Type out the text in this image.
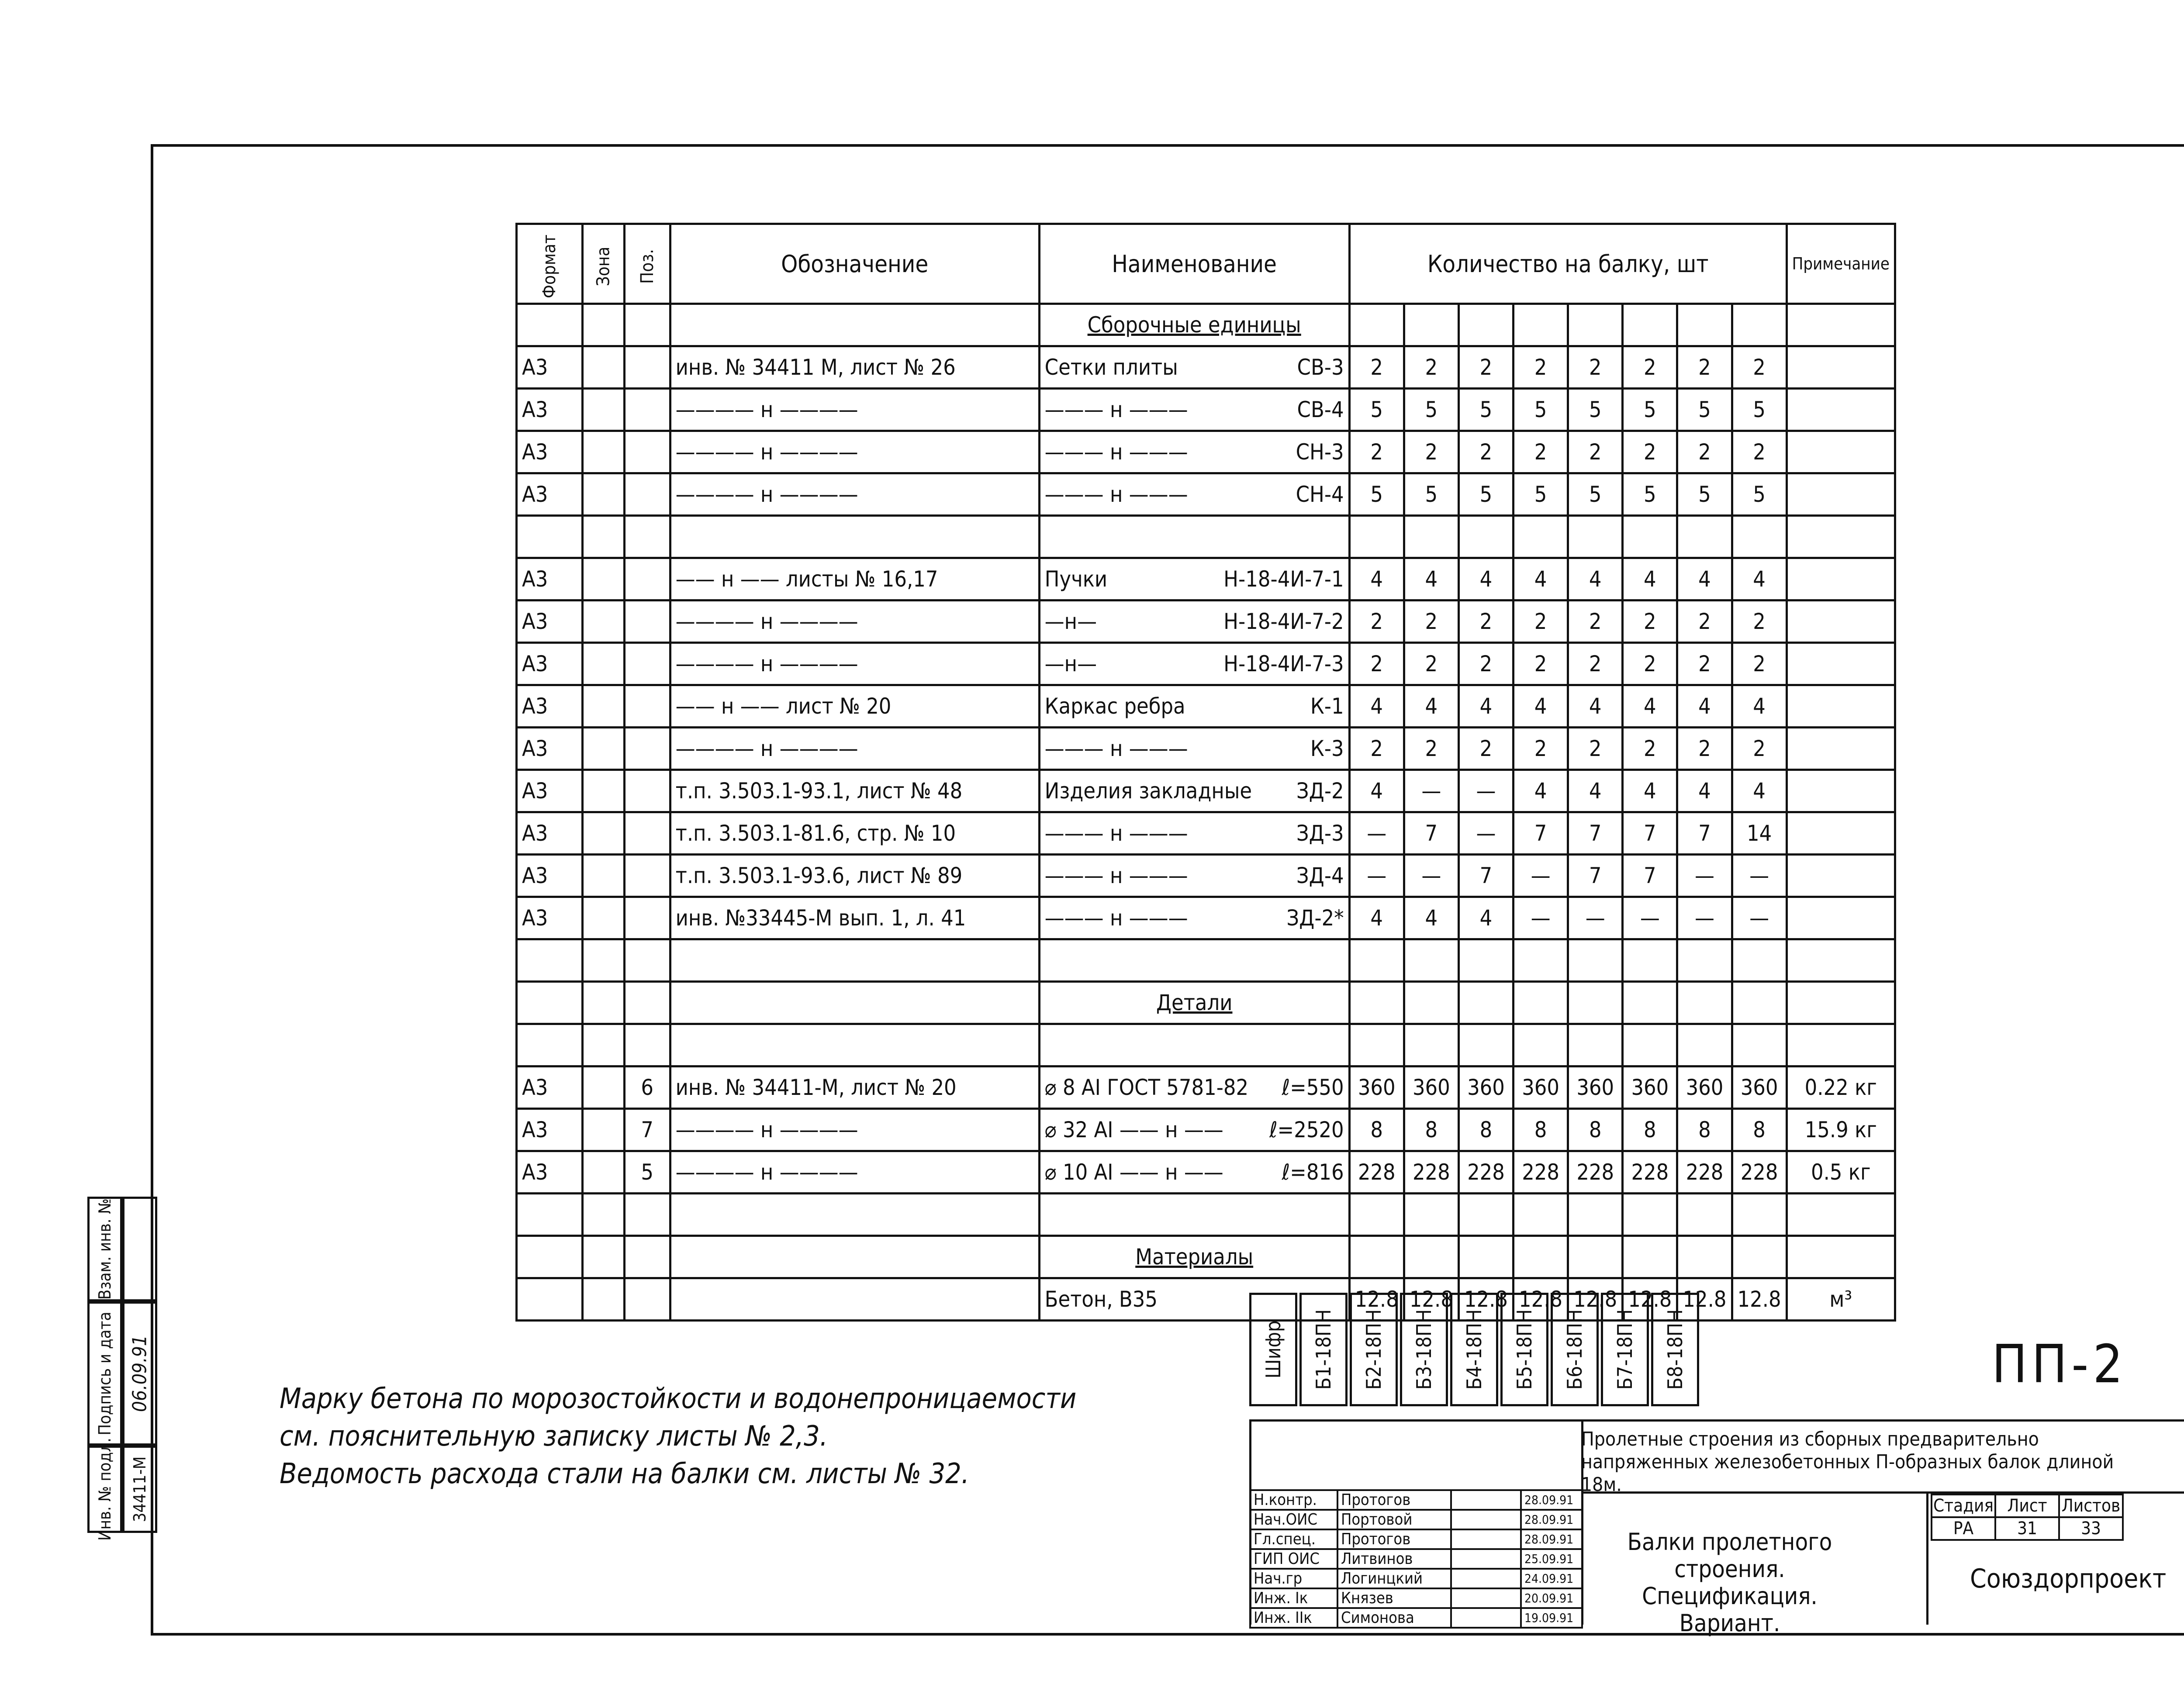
Формат	Зона	Поз.	Обозначение	Наименование	Количество на балку, шт								Примечание
				Сборочные единицы									
А3			инв. № 34411 М, лист № 26	Сетки плиты СВ-3	2	2	2	2	2	2	2	2	
А3			———— н ————	——— н ——— СВ-4	5	5	5	5	5	5	5	5	
А3			———— н ————	——— н ——— СН-3	2	2	2	2	2	2	2	2	
А3			———— н ————	——— н ——— СН-4	5	5	5	5	5	5	5	5	

А3			—— н —— листы № 16,17	Пучки Н-18-4И-7-1	4	4	4	4	4	4	4	4	
А3			———— н ————	—н— Н-18-4И-7-2	2	2	2	2	2	2	2	2	
А3			———— н ————	—н— Н-18-4И-7-3	2	2	2	2	2	2	2	2	
А3			—— н —— лист № 20	Каркас ребра К-1	4	4	4	4	4	4	4	4	
А3			———— н ————	——— н ——— К-3	2	2	2	2	2	2	2	2	
А3			т.п. 3.503.1-93.1, лист № 48	Изделия закладные ЗД-2	4	—	—	4	4	4	4	4	
А3			т.п. 3.503.1-81.6, стр. № 10	——— н ——— ЗД-3	—	7	—	7	7	7	7	14	
А3			т.п. 3.503.1-93.6, лист № 89	——— н ——— ЗД-4	—	—	7	—	7	7	—	—	
А3			инв. №33445-М вып. 1, л. 41	——— н ——— ЗД-2*	4	4	4	—	—	—	—	—	

				Детали									

А3		6	инв. № 34411-М, лист № 20	⌀ 8 АI ГОСТ 5781-82 ℓ=550	360	360	360	360	360	360	360	360	0.22 кг
А3		7	———— н ————	⌀ 32 АI —— н —— ℓ=2520	8	8	8	8	8	8	8	8	15.9 кг
А3		5	———— н ————	⌀ 10 АI —— н —— ℓ=816	228	228	228	228	228	228	228	228	0.5 кг

				Материалы									
				Бетон, В35	12.8	12.8	12.8	12.8	12.8	12.8	12.8	12.8	м³
Шифр Б1-18ПН Б2-18ПН Б3-18ПН Б4-18ПН Б5-18ПН Б6-18ПН Б7-18ПН Б8-18ПН	ПП-2
Марку бетона по морозостойкости и водонепроницаемости
см. пояснительную записку листы № 2,3.
Ведомость расхода стали на балки см. листы № 32.
Н.контр.	Протогов		28.09.91
Нач.ОИС	Портовой		28.09.91
Гл.спец.	Протогов		28.09.91
ГИП ОИС	Литвинов		25.09.91
Нач.гр	Логинцкий		24.09.91
Инж. Iк	Князев		20.09.91
Инж. IIк	Симонова		19.09.91
Пролетные строения из сборных предварительно напряженных железобетонных П-образных балок длиной 18м.
Балки пролетного строения.
Спецификация.
Вариант.
Стадия	Лист	Листов
РА	31	33
Союздорпроект
Взам. инв. №
Подпись и дата
Инв. № подл.
06.09.91
34411-М
